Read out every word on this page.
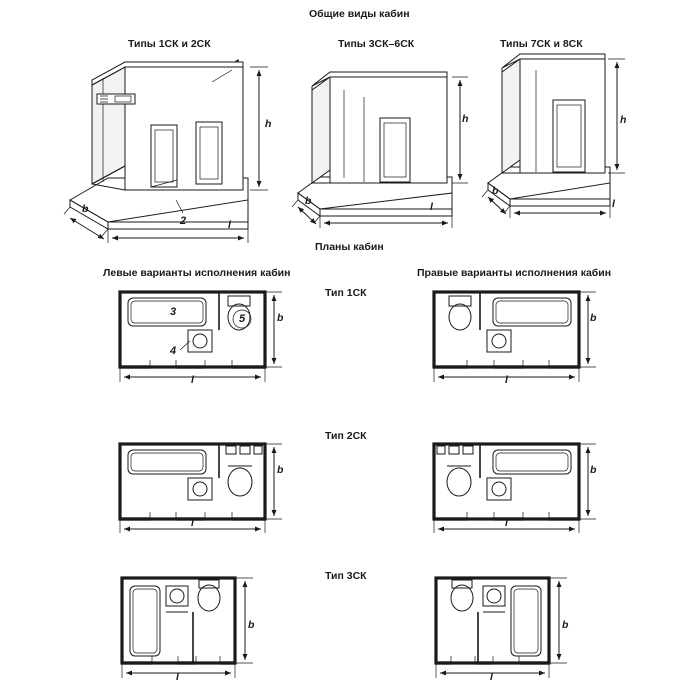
Общие виды кабин
Планы кабин
Типы 1СК и 2СК	Типы 3СК–6СК	Типы 7СК и 8СК
Левые варианты исполнения кабин	Правые варианты исполнения кабин
Тип 1СК
Тип 2СК
Тип 3СК
2
3
4
5
h
b
l
h
b	l
h
b
l
b
l
b
l
b
l
b
l
b
l
b
l
